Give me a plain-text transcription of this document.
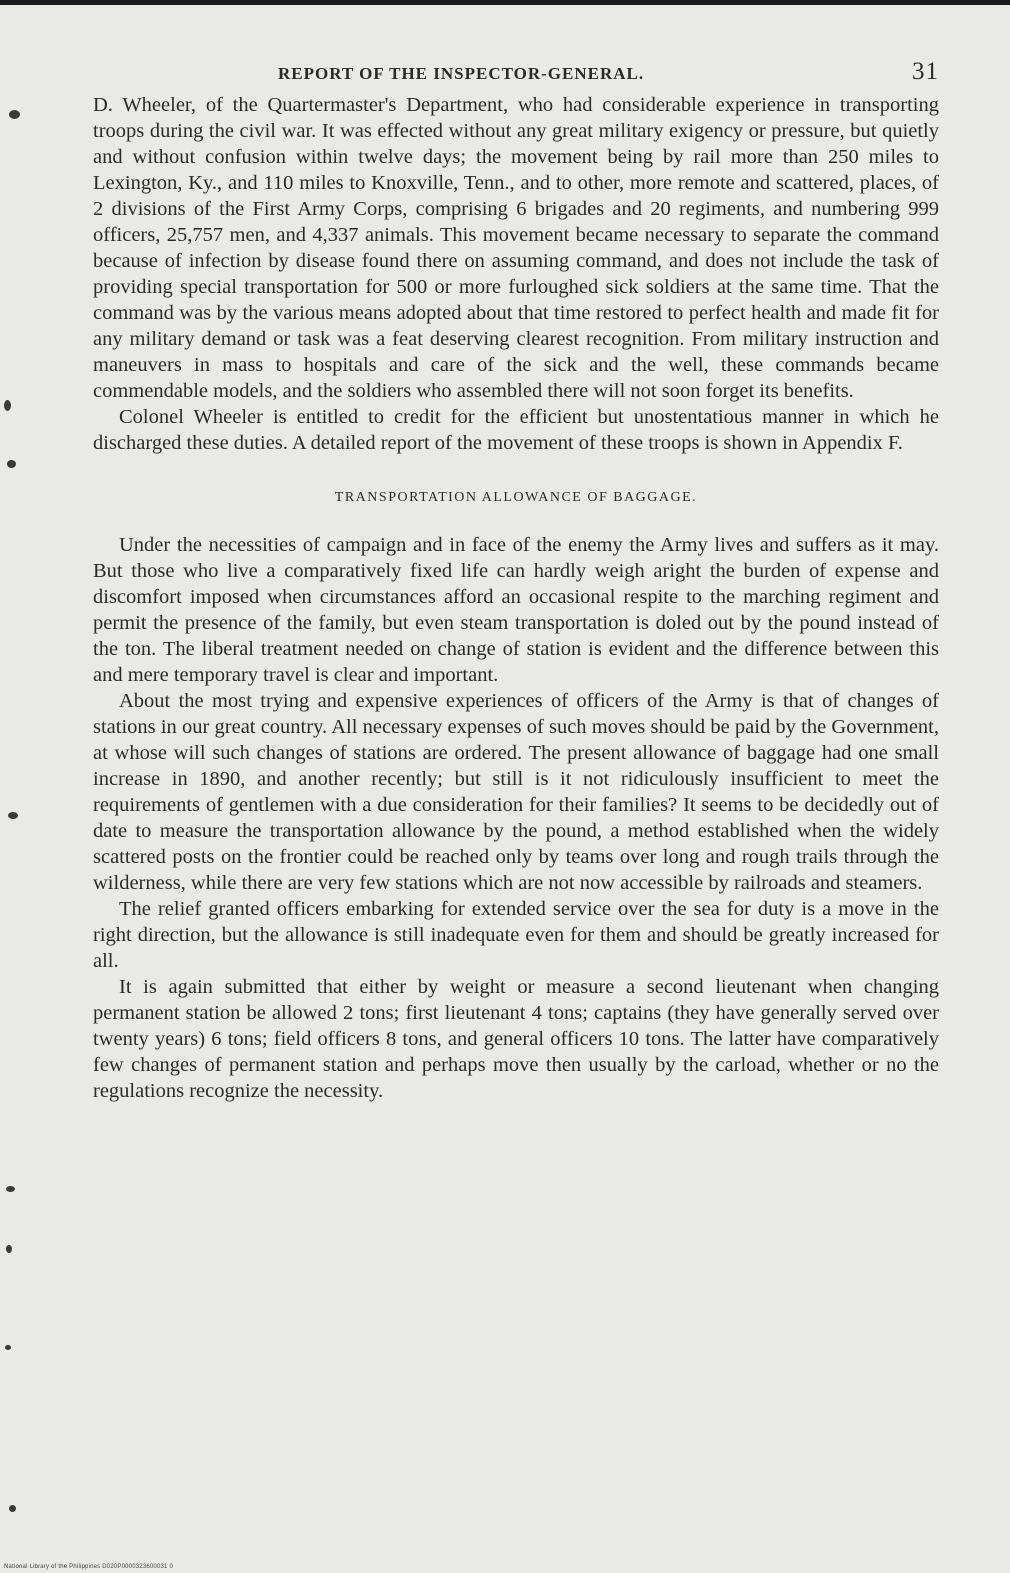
REPORT OF THE INSPECTOR-GENERAL.	31

D. Wheeler, of the Quartermaster's Department, who had considerable experience in transporting troops during the civil war. It was effected without any great military exigency or pressure, but quietly and without confusion within twelve days; the movement being by rail more than 250 miles to Lexington, Ky., and 110 miles to Knoxville, Tenn., and to other, more remote and scattered, places, of 2 divisions of the First Army Corps, comprising 6 brigades and 20 regiments, and numbering 999 officers, 25,757 men, and 4,337 animals. This movement became necessary to separate the command because of infection by disease found there on assuming command, and does not include the task of providing special transportation for 500 or more furloughed sick soldiers at the same time. That the command was by the various means adopted about that time restored to perfect health and made fit for any military demand or task was a feat deserving clearest recognition. From military instruction and maneuvers in mass to hospitals and care of the sick and the well, these commands became commendable models, and the soldiers who assembled there will not soon forget its benefits.

Colonel Wheeler is entitled to credit for the efficient but unostentatious manner in which he discharged these duties. A detailed report of the movement of these troops is shown in Appendix F.

TRANSPORTATION ALLOWANCE OF BAGGAGE.

Under the necessities of campaign and in face of the enemy the Army lives and suffers as it may. But those who live a comparatively fixed life can hardly weigh aright the burden of expense and discomfort imposed when circumstances afford an occasional respite to the marching regiment and permit the presence of the family, but even steam transportation is doled out by the pound instead of the ton. The liberal treatment needed on change of station is evident and the difference between this and mere temporary travel is clear and important.

About the most trying and expensive experiences of officers of the Army is that of changes of stations in our great country. All necessary expenses of such moves should be paid by the Government, at whose will such changes of stations are ordered. The present allowance of baggage had one small increase in 1890, and another recently; but still is it not ridiculously insufficient to meet the requirements of gentlemen with a due consideration for their families? It seems to be decidedly out of date to measure the transportation allowance by the pound, a method established when the widely scattered posts on the frontier could be reached only by teams over long and rough trails through the wilderness, while there are very few stations which are not now accessible by railroads and steamers.

The relief granted officers embarking for extended service over the sea for duty is a move in the right direction, but the allowance is still inadequate even for them and should be greatly increased for all.

It is again submitted that either by weight or measure a second lieutenant when changing permanent station be allowed 2 tons; first lieutenant 4 tons; captains (they have generally served over twenty years) 6 tons; field officers 8 tons, and general officers 10 tons. The latter have comparatively few changes of permanent station and perhaps move then usually by the carload, whether or no the regulations recognize the necessity.

National Library of the Philippines D020P0000323600031 0
